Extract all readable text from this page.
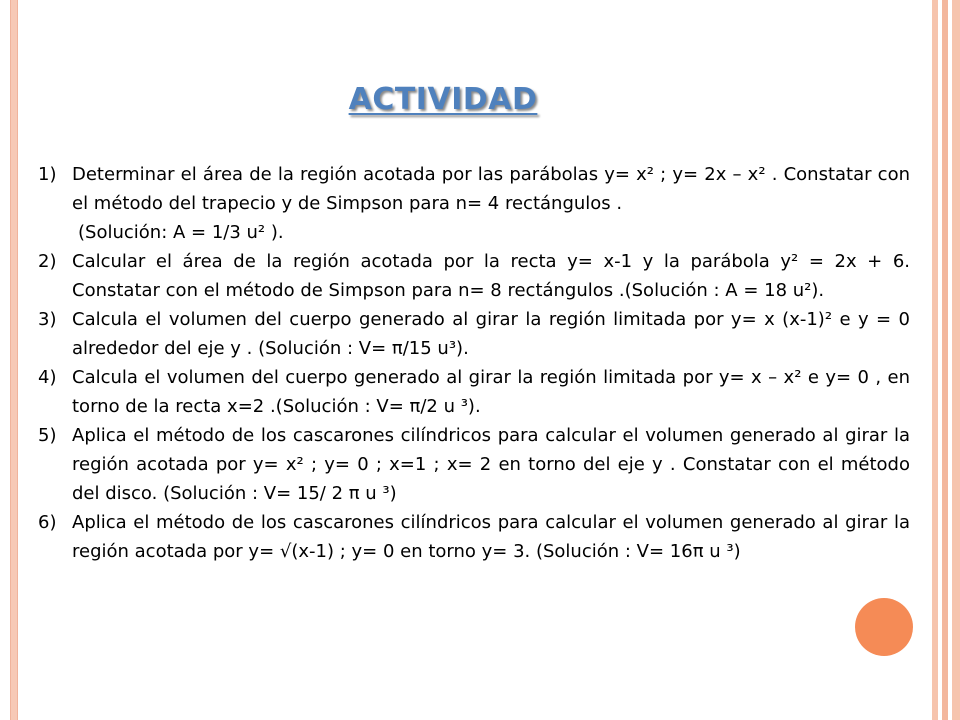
ACTIVIDAD
1) Determinar el área de la región acotada por las parábolas y= x² ; y= 2x – x² . Constatar con el método del trapecio y de Simpson para n= 4 rectángulos .
(Solución: A = 1/3 u² ).
2) Calcular el área de la región acotada por la recta y= x-1 y la parábola y² = 2x + 6. Constatar con el método de Simpson para n= 8 rectángulos .(Solución : A = 18 u²).
3) Calcula el volumen del cuerpo generado al girar la región limitada por y= x (x-1)² e y = 0 alrededor del eje y . (Solución : V= π/15 u³).
4) Calcula el volumen del cuerpo generado al girar la región limitada por y= x – x² e y= 0 , en torno de la recta x=2 .(Solución : V= π/2 u ³).
5) Aplica el método de los cascarones cilíndricos para calcular el volumen generado al girar la región acotada por y= x² ; y= 0 ; x=1 ; x= 2 en torno del eje y . Constatar con el método del disco. (Solución : V= 15/ 2 π u ³)
6) Aplica el método de los cascarones cilíndricos para calcular el volumen generado al girar la región acotada por y= √(x-1) ; y= 0 en torno y= 3. (Solución : V= 16π u ³)
